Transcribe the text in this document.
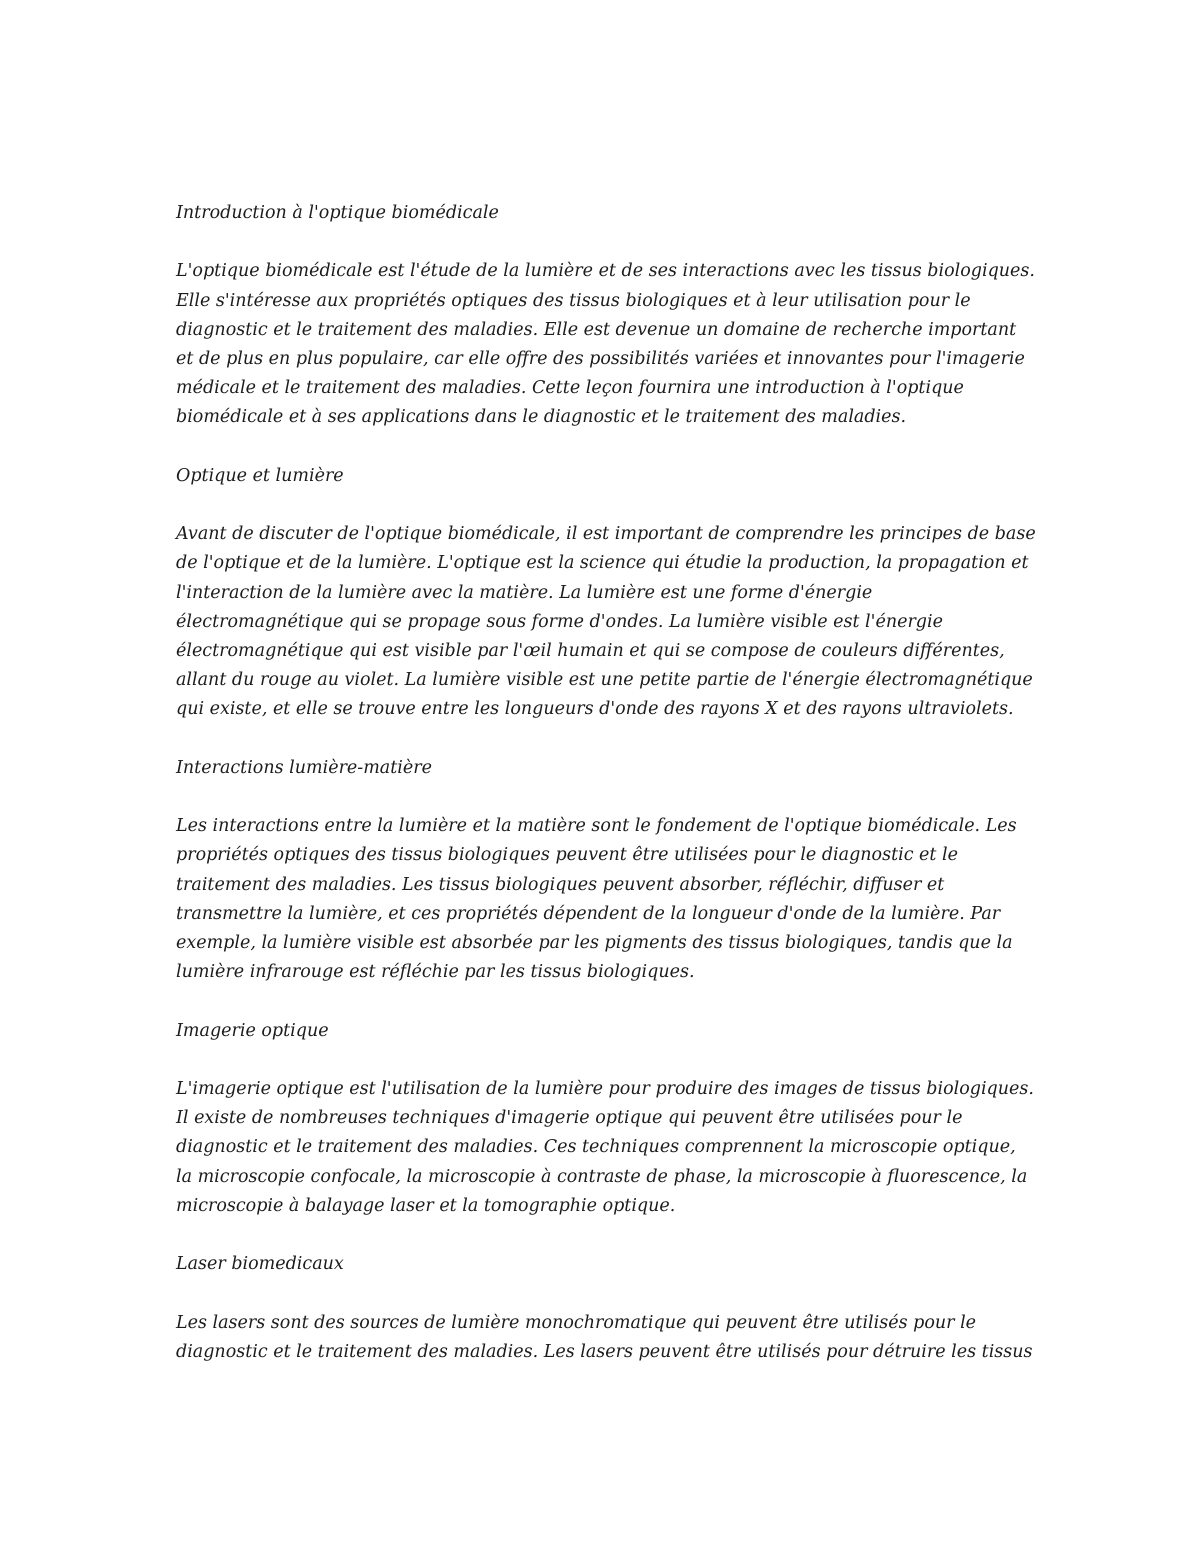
Introduction à l'optique biomédicale

L'optique biomédicale est l'étude de la lumière et de ses interactions avec les tissus biologiques. Elle s'intéresse aux propriétés optiques des tissus biologiques et à leur utilisation pour le diagnostic et le traitement des maladies. Elle est devenue un domaine de recherche important et de plus en plus populaire, car elle offre des possibilités variées et innovantes pour l'imagerie médicale et le traitement des maladies. Cette leçon fournira une introduction à l'optique biomédicale et à ses applications dans le diagnostic et le traitement des maladies.

Optique et lumière

Avant de discuter de l'optique biomédicale, il est important de comprendre les principes de base de l'optique et de la lumière. L'optique est la science qui étudie la production, la propagation et l'interaction de la lumière avec la matière. La lumière est une forme d'énergie électromagnétique qui se propage sous forme d'ondes. La lumière visible est l'énergie électromagnétique qui est visible par l'œil humain et qui se compose de couleurs différentes, allant du rouge au violet. La lumière visible est une petite partie de l'énergie électromagnétique qui existe, et elle se trouve entre les longueurs d'onde des rayons X et des rayons ultraviolets.

Interactions lumière-matière

Les interactions entre la lumière et la matière sont le fondement de l'optique biomédicale. Les propriétés optiques des tissus biologiques peuvent être utilisées pour le diagnostic et le traitement des maladies. Les tissus biologiques peuvent absorber, réfléchir, diffuser et transmettre la lumière, et ces propriétés dépendent de la longueur d'onde de la lumière. Par exemple, la lumière visible est absorbée par les pigments des tissus biologiques, tandis que la lumière infrarouge est réfléchie par les tissus biologiques.

Imagerie optique

L'imagerie optique est l'utilisation de la lumière pour produire des images de tissus biologiques. Il existe de nombreuses techniques d'imagerie optique qui peuvent être utilisées pour le diagnostic et le traitement des maladies. Ces techniques comprennent la microscopie optique, la microscopie confocale, la microscopie à contraste de phase, la microscopie à fluorescence, la microscopie à balayage laser et la tomographie optique.

Laser biomedicaux

Les lasers sont des sources de lumière monochromatique qui peuvent être utilisés pour le diagnostic et le traitement des maladies. Les lasers peuvent être utilisés pour détruire les tissus
